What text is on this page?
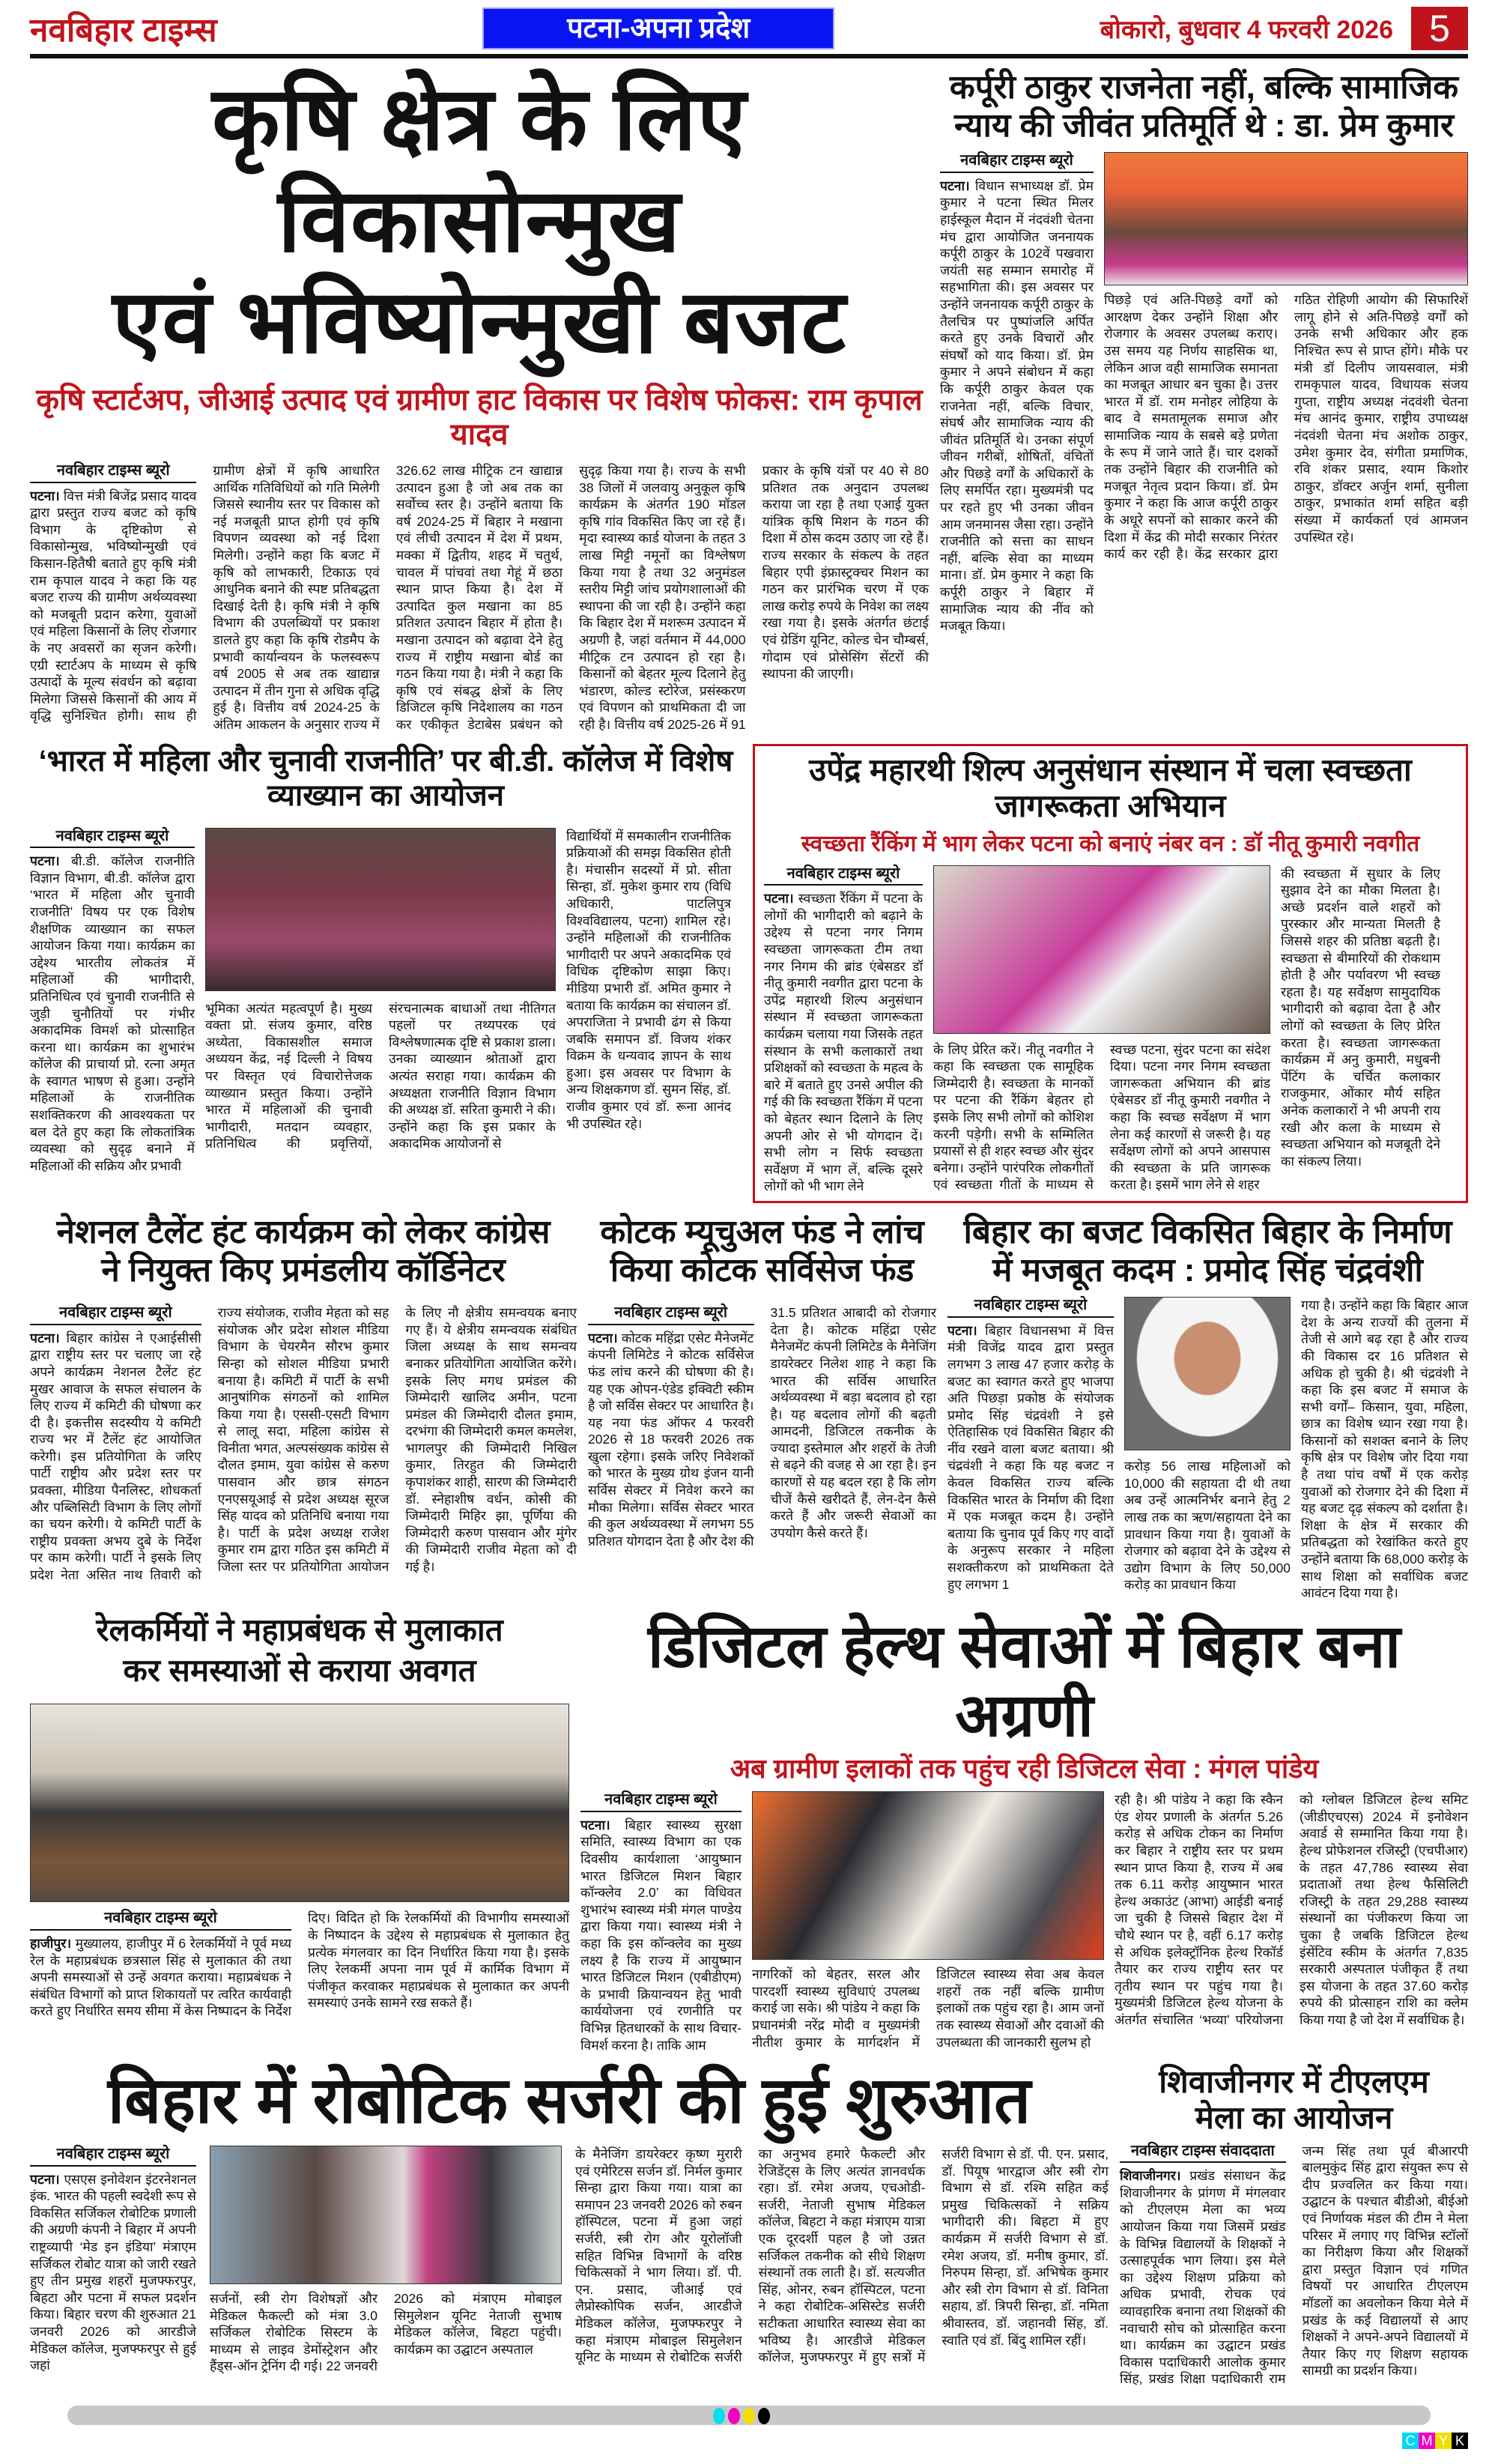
नवबिहार टाइम्स	पटना-अपना प्रदेश	बोकारो, बुधवार 4 फरवरी 2026 5
कृषि क्षेत्र के लिए विकासोन्मुख
एवं भविष्योन्मुखी बजट
कृषि स्टार्टअप, जीआई उत्पाद एवं ग्रामीण हाट विकास पर विशेष फोकस: राम कृपाल यादव
नवबिहार टाइम्स ब्यूरो
पटना। वित्त मंत्री बिजेंद्र प्रसाद यादव द्वारा प्रस्तुत राज्य बजट को कृषि विभाग के दृष्टिकोण से विकासोन्मुख, भविष्योन्मुखी एवं किसान-हितैषी बताते हुए कृषि मंत्री राम कृपाल यादव ने कहा कि यह बजट राज्य की ग्रामीण अर्थव्यवस्था को मजबूती प्रदान करेगा, युवाओं एवं महिला किसानों के लिए रोजगार के नए अवसरों का सृजन करेगी। एग्री स्टार्टअप के माध्यम से कृषि उत्पादों के मूल्य संवर्धन को बढ़ावा मिलेगा जिससे किसानों की आय में वृद्धि सुनिश्चित होगी। साथ ही ग्रामीण क्षेत्रों में कृषि आधारित आर्थिक गतिविधियों को गति मिलेगी जिससे स्थानीय स्तर पर विकास को नई मजबूती प्राप्त होगी एवं कृषि विपणन व्यवस्था को नई दिशा मिलेगी। उन्होंने कहा कि बजट में कृषि को लाभकारी, टिकाऊ एवं आधुनिक बनाने की स्पष्ट प्रतिबद्धता दिखाई देती है। कृषि मंत्री ने कृषि विभाग की उपलब्धियों पर प्रकाश डालते हुए कहा कि कृषि रोडमैप के प्रभावी कार्यान्वयन के फलस्वरूप वर्ष 2005 से अब तक खाद्यान्न उत्पादन में तीन गुना से अधिक वृद्धि हुई है। वित्तीय वर्ष 2024-25 के अंतिम आकलन के अनुसार राज्य में 326.62 लाख मीट्रिक टन खाद्यान्न उत्पादन हुआ है जो अब तक का सर्वोच्च स्तर है। उन्होंने बताया कि वर्ष 2024-25 में बिहार ने मखाना एवं लीची उत्पादन में देश में प्रथम, मक्का में द्वितीय, शहद में चतुर्थ, चावल में पांचवां तथा गेहूं में छठा स्थान प्राप्त किया है। देश में उत्पादित कुल मखाना का 85 प्रतिशत उत्पादन बिहार में होता है। मखाना उत्पादन को बढ़ावा देने हेतु राज्य में राष्ट्रीय मखाना बोर्ड का गठन किया गया है। मंत्री ने कहा कि कृषि एवं संबद्ध क्षेत्रों के लिए डिजिटल कृषि निदेशालय का गठन कर एकीकृत डेटाबेस प्रबंधन को सुदृढ़ किया गया है। राज्य के सभी 38 जिलों में जलवायु अनुकूल कृषि कार्यक्रम के अंतर्गत 190 मॉडल कृषि गांव विकसित किए जा रहे हैं। मृदा स्वास्थ्य कार्ड योजना के तहत 3 लाख मिट्टी नमूनों का विश्लेषण किया गया है तथा 32 अनुमंडल स्तरीय मिट्टी जांच प्रयोगशालाओं की स्थापना की जा रही है। उन्होंने कहा कि बिहार देश में मशरूम उत्पादन में अग्रणी है, जहां वर्तमान में 44,000 मीट्रिक टन उत्पादन हो रहा है। किसानों को बेहतर मूल्य दिलाने हेतु भंडारण, कोल्ड स्टोरेज, प्रसंस्करण एवं विपणन को प्राथमिकता दी जा रही है। वित्तीय वर्ष 2025-26 में 91 प्रकार के कृषि यंत्रों पर 40 से 80 प्रतिशत तक अनुदान उपलब्ध कराया जा रहा है तथा एआई युक्त यांत्रिक कृषि मिशन के गठन की दिशा में ठोस कदम उठाए जा रहे हैं। राज्य सरकार के संकल्प के तहत बिहार एपी इंफ्रास्ट्रक्चर मिशन का गठन कर प्रारंभिक चरण में एक लाख करोड़ रुपये के निवेश का लक्ष्य रखा गया है। इसके अंतर्गत छंटाई एवं ग्रेडिंग यूनिट, कोल्ड चेन चौम्बर्स, गोदाम एवं प्रोसेसिंग सेंटरों की स्थापना की जाएगी।
कर्पूरी ठाकुर राजनेता नहीं, बल्कि सामाजिक
न्याय की जीवंत प्रतिमूर्ति थे : डा. प्रेम कुमार
नवबिहार टाइम्स ब्यूरो
पटना। विधान सभाध्यक्ष डॉ. प्रेम कुमार ने पटना स्थित मिलर हाईस्कूल मैदान में नंदवंशी चेतना मंच द्वारा आयोजित जननायक कर्पूरी ठाकुर के 102वें पखवारा जयंती सह सम्मान समारोह में सहभागिता की। इस अवसर पर उन्होंने जननायक कर्पूरी ठाकुर के तैलचित्र पर पुष्पांजलि अर्पित करते हुए उनके विचारों और संघर्षों को याद किया। डॉ. प्रेम कुमार ने अपने संबोधन में कहा कि कर्पूरी ठाकुर केवल एक राजनेता नहीं, बल्कि विचार, संघर्ष और सामाजिक न्याय की जीवंत प्रतिमूर्ति थे। उनका संपूर्ण जीवन गरीबों, शोषितों, वंचितों और पिछड़े वर्गों के अधिकारों के लिए समर्पित रहा। मुख्यमंत्री पद पर रहते हुए भी उनका जीवन आम जनमानस जैसा रहा। उन्होंने राजनीति को सत्ता का साधन नहीं, बल्कि सेवा का माध्यम माना। डॉ. प्रेम कुमार ने कहा कि कर्पूरी ठाकुर ने बिहार में सामाजिक न्याय की नींव को मजबूत किया।
पिछड़े एवं अति-पिछड़े वर्गों को आरक्षण देकर उन्होंने शिक्षा और रोजगार के अवसर उपलब्ध कराए। उस समय यह निर्णय साहसिक था, लेकिन आज वही सामाजिक समानता का मजबूत आधार बन चुका है। उत्तर भारत में डॉ. राम मनोहर लोहिया के बाद वे समतामूलक समाज और सामाजिक न्याय के सबसे बड़े प्रणेता के रूप में जाने जाते हैं। चार दशकों तक उन्होंने बिहार की राजनीति को मजबूत नेतृत्व प्रदान किया। डॉ. प्रेम कुमार ने कहा कि आज कर्पूरी ठाकुर के अधूरे सपनों को साकार करने की दिशा में केंद्र की मोदी सरकार निरंतर कार्य कर रही है। केंद्र सरकार द्वारा गठित रोहिणी आयोग की सिफारिशें लागू होने से अति-पिछड़े वर्गों को उनके सभी अधिकार और हक निश्चित रूप से प्राप्त होंगे। मौके पर मंत्री डॉ दिलीप जायसवाल, मंत्री रामकृपाल यादव, विधायक संजय गुप्ता, राष्ट्रीय अध्यक्ष नंदवंशी चेतना मंच आनंद कुमार, राष्ट्रीय उपाध्यक्ष नंदवंशी चेतना मंच अशोक ठाकुर, उमेश कुमार देव, संगीता प्रमाणिक, रवि शंकर प्रसाद, श्याम किशोर ठाकुर, डॉक्टर अर्जुन शर्मा, सुनीला ठाकुर, प्रभाकांत शर्मा सहित बड़ी संख्या में कार्यकर्ता एवं आमजन उपस्थित रहे।
‘भारत में महिला और चुनावी राजनीति’ पर बी.डी. कॉलेज में विशेष व्याख्यान का आयोजन
नवबिहार टाइम्स ब्यूरो
पटना। बी.डी. कॉलेज राजनीति विज्ञान विभाग, बी.डी. कॉलेज द्वारा ‘भारत में महिला और चुनावी राजनीति’ विषय पर एक विशेष शैक्षणिक व्याख्यान का सफल आयोजन किया गया। कार्यक्रम का उद्देश्य भारतीय लोकतंत्र में महिलाओं की भागीदारी, प्रतिनिधित्व एवं चुनावी राजनीति से जुड़ी चुनौतियों पर गंभीर अकादमिक विमर्श को प्रोत्साहित करना था। कार्यक्रम का शुभारंभ कॉलेज की प्राचार्या प्रो. रत्ना अमृत के स्वागत भाषण से हुआ। उन्होंने महिलाओं के राजनीतिक सशक्तिकरण की आवश्यकता पर बल देते हुए कहा कि लोकतांत्रिक व्यवस्था को सुदृढ़ बनाने में महिलाओं की सक्रिय और प्रभावी
भूमिका अत्यंत महत्वपूर्ण है। मुख्य वक्ता प्रो. संजय कुमार, वरिष्ठ अध्येता, विकासशील समाज अध्ययन केंद्र, नई दिल्ली ने विषय पर विस्तृत एवं विचारोत्तेजक व्याख्यान प्रस्तुत किया। उन्होंने भारत में महिलाओं की चुनावी भागीदारी, मतदान व्यवहार, प्रतिनिधित्व की प्रवृत्तियों, संरचनात्मक बाधाओं तथा नीतिगत पहलों पर तथ्यपरक एवं विश्लेषणात्मक दृष्टि से प्रकाश डाला। उनका व्याख्यान श्रोताओं द्वारा अत्यंत सराहा गया। कार्यक्रम की अध्यक्षता राजनीति विज्ञान विभाग की अध्यक्ष डॉ. सरिता कुमारी ने की। उन्होंने कहा कि इस प्रकार के अकादमिक आयोजनों से
विद्यार्थियों में समकालीन राजनीतिक प्रक्रियाओं की समझ विकसित होती है। मंचासीन सदस्यों में प्रो. सीता सिन्हा, डॉ. मुकेश कुमार राय (विधि अधिकारी, पाटलिपुत्र विश्वविद्यालय, पटना) शामिल रहे। उन्होंने महिलाओं की राजनीतिक भागीदारी पर अपने अकादमिक एवं विधिक दृष्टिकोण साझा किए। मीडिया प्रभारी डॉ. अमित कुमार ने बताया कि कार्यक्रम का संचालन डॉ. अपराजिता ने प्रभावी ढंग से किया जबकि समापन डॉ. विजय शंकर विक्रम के धन्यवाद ज्ञापन के साथ हुआ। इस अवसर पर विभाग के अन्य शिक्षकगण डॉ. सुमन सिंह, डॉ. राजीव कुमार एवं डॉ. रूना आनंद भी उपस्थित रहे।
उपेंद्र महारथी शिल्प अनुसंधान संस्थान में चला स्वच्छता जागरूकता अभियान
स्वच्छता रैंकिंग में भाग लेकर पटना को बनाएं नंबर वन : डॉ नीतू कुमारी नवगीत
नवबिहार टाइम्स ब्यूरो
पटना। स्वच्छता रैंकिंग में पटना के लोगों की भागीदारी को बढ़ाने के उद्देश्य से पटना नगर निगम स्वच्छता जागरूकता टीम तथा नगर निगम की ब्रांड एंबेसडर डॉ नीतू कुमारी नवगीत द्वारा पटना के उपेंद्र महारथी शिल्प अनुसंधान संस्थान में स्वच्छता जागरूकता कार्यक्रम चलाया गया जिसके तहत संस्थान के सभी कलाकारों तथा प्रशिक्षकों को स्वच्छता के महत्व के बारे में बताते हुए उनसे अपील की गई की कि स्वच्छता रैंकिंग में पटना को बेहतर स्थान दिलाने के लिए अपनी ओर से भी योगदान दें। सभी लोग न सिर्फ स्वच्छता सर्वेक्षण में भाग लें, बल्कि दूसरे लोगों को भी भाग लेने
के लिए प्रेरित करें। नीतू नवगीत ने कहा कि स्वच्छता एक सामूहिक जिम्मेदारी है। स्वच्छता के मानकों पर पटना की रैंकिंग बेहतर हो इसके लिए सभी लोगों को कोशिश करनी पड़ेगी। सभी के सम्मिलित प्रयासों से ही शहर स्वच्छ और सुंदर बनेगा। उन्होंने पारंपरिक लोकगीतों एवं स्वच्छता गीतों के माध्यम से स्वच्छ पटना, सुंदर पटना का संदेश दिया। पटना नगर निगम स्वच्छता जागरूकता अभियान की ब्रांड एंबेसडर डॉ नीतू कुमारी नवगीत ने कहा कि स्वच्छ सर्वेक्षण में भाग लेना कई कारणों से जरूरी है। यह सर्वेक्षण लोगों को अपने आसपास की स्वच्छता के प्रति जागरूक करता है। इसमें भाग लेने से शहर
की स्वच्छता में सुधार के लिए सुझाव देने का मौका मिलता है। अच्छे प्रदर्शन वाले शहरों को पुरस्कार और मान्यता मिलती है जिससे शहर की प्रतिष्ठा बढ़ती है। स्वच्छता से बीमारियों की रोकथाम होती है और पर्यावरण भी स्वच्छ रहता है। यह सर्वेक्षण सामुदायिक भागीदारी को बढ़ावा देता है और लोगों को स्वच्छता के लिए प्रेरित करता है। स्वच्छता जागरूकता कार्यक्रम में अनु कुमारी, मधुबनी पेंटिंग के चर्चित कलाकार राजकुमार, ओंकार मौर्य सहित अनेक कलाकारों ने भी अपनी राय रखी और कला के माध्यम से स्वच्छता अभियान को मजबूती देने का संकल्प लिया।
नेशनल टैलेंट हंट कार्यक्रम को लेकर कांग्रेस
ने नियुक्त किए प्रमंडलीय कॉर्डिनेटर
नवबिहार टाइम्स ब्यूरो
पटना। बिहार कांग्रेस ने एआईसीसी द्वारा राष्ट्रीय स्तर पर चलाए जा रहे अपने कार्यक्रम नेशनल टैलेंट हंट मुखर आवाज के सफल संचालन के लिए राज्य में कमिटी की घोषणा कर दी है। इकत्तीस सदस्यीय ये कमिटी राज्य भर में टैलेंट हंट आयोजित करेगी। इस प्रतियोगिता के जरिए पार्टी राष्ट्रीय और प्रदेश स्तर पर प्रवक्ता, मीडिया पैनलिस्ट, शोधकर्ता और पब्लिसिटी विभाग के लिए लोगों का चयन करेगी। ये कमिटी पार्टी के राष्ट्रीय प्रवक्ता अभय दुबे के निर्देश पर काम करेगी। पार्टी ने इसके लिए प्रदेश नेता असित नाथ तिवारी को राज्य संयोजक, राजीव मेहता को सह संयोजक और प्रदेश सोशल मीडिया विभाग के चेयरमैन सौरभ कुमार सिन्हा को सोशल मीडिया प्रभारी बनाया है। कमिटी में पार्टी के सभी आनुषांगिक संगठनों को शामिल किया गया है। एससी-एसटी विभाग से लालू सदा, महिला कांग्रेस से विनीता भगत, अल्पसंख्यक कांग्रेस से दौलत इमाम, युवा कांग्रेस से करुण पासवान और छात्र संगठन एनएसयूआई से प्रदेश अध्यक्ष सूरज सिंह यादव को प्रतिनिधि बनाया गया है। पार्टी के प्रदेश अध्यक्ष राजेश कुमार राम द्वारा गठित इस कमिटी में जिला स्तर पर प्रतियोगिता आयोजन के लिए नौ क्षेत्रीय समन्वयक बनाए गए हैं। ये क्षेत्रीय समन्वयक संबंधित जिला अध्यक्ष के साथ समन्वय बनाकर प्रतियोगिता आयोजित करेंगे। इसके लिए मगध प्रमंडल की जिम्मेदारी खालिद अमीन, पटना प्रमंडल की जिम्मेदारी दौलत इमाम, दरभंगा की जिम्मेदारी कमल कमलेश, भागलपुर की जिम्मेदारी निखिल कुमार, तिरहुत की जिम्मेदारी कृपाशंकर शाही, सारण की जिम्मेदारी डॉ. स्नेहाशीष वर्धन, कोसी की जिम्मेदारी मिहिर झा, पूर्णिया की जिम्मेदारी करुण पासवान और मुंगेर की जिम्मेदारी राजीव मेहता को दी गई है।
कोटक म्यूचुअल फंड ने लांच
किया कोटक सर्विसेज फंड
नवबिहार टाइम्स ब्यूरो
पटना। कोटक महिंद्रा एसेट मैनेजमेंट कंपनी लिमिटेड ने कोटक सर्विसेज फंड लांच करने की घोषणा की है। यह एक ओपन-एंडेड इक्विटी स्कीम है जो सर्विस सेक्टर पर आधारित है। यह नया फंड ऑफर 4 फरवरी 2026 से 18 फरवरी 2026 तक खुला रहेगा। इसके जरिए निवेशकों को भारत के मुख्य ग्रोथ इंजन यानी सर्विस सेक्टर में निवेश करने का मौका मिलेगा। सर्विस सेक्टर भारत की कुल अर्थव्यवस्था में लगभग 55 प्रतिशत योगदान देता है और देश की 31.5 प्रतिशत आबादी को रोजगार देता है। कोटक महिंद्रा एसेट मैनेजमेंट कंपनी लिमिटेड के मैनेजिंग डायरेक्टर निलेश शाह ने कहा कि भारत की सर्विस आधारित अर्थव्यवस्था में बड़ा बदलाव हो रहा है। यह बदलाव लोगों की बढ़ती आमदनी, डिजिटल तकनीक के ज्यादा इस्तेमाल और शहरों के तेजी से बढ़ने की वजह से आ रहा है। इन कारणों से यह बदल रहा है कि लोग चीजें कैसे खरीदते हैं, लेन-देन कैसे करते हैं और जरूरी सेवाओं का उपयोग कैसे करते हैं।
बिहार का बजट विकसित बिहार के निर्माण
में मजबूत कदम : प्रमोद सिंह चंद्रवंशी
नवबिहार टाइम्स ब्यूरो
पटना। बिहार विधानसभा में वित्त मंत्री विजेंद्र यादव द्वारा प्रस्तुत लगभग 3 लाख 47 हजार करोड़ के बजट का स्वागत करते हुए भाजपा अति पिछड़ा प्रकोष्ठ के संयोजक प्रमोद सिंह चंद्रवंशी ने इसे ऐतिहासिक एवं विकसित बिहार की नींव रखने वाला बजट बताया। श्री चंद्रवंशी ने कहा कि यह बजट न केवल विकसित राज्य बल्कि विकसित भारत के निर्माण की दिशा में एक मजबूत कदम है। उन्होंने बताया कि चुनाव पूर्व किए गए वादों के अनुरूप सरकार ने महिला सशक्तीकरण को प्राथमिकता देते हुए लगभग 1
करोड़ 56 लाख महिलाओं को 10,000 की सहायता दी थी तथा अब उन्हें आत्मनिर्भर बनाने हेतु 2 लाख तक का ऋण/सहायता देने का प्रावधान किया गया है। युवाओं के रोजगार को बढ़ावा देने के उद्देश्य से उद्योग विभाग के लिए 50,000 करोड़ का प्रावधान किया
गया है। उन्होंने कहा कि बिहार आज देश के अन्य राज्यों की तुलना में तेजी से आगे बढ़ रहा है और राज्य की विकास दर 16 प्रतिशत से अधिक हो चुकी है। श्री चंद्रवंशी ने कहा कि इस बजट में समाज के सभी वर्गों– किसान, युवा, महिला, छात्र का विशेष ध्यान रखा गया है। किसानों को सशक्त बनाने के लिए कृषि क्षेत्र पर विशेष जोर दिया गया है तथा पांच वर्षों में एक करोड़ युवाओं को रोजगार देने की दिशा में यह बजट दृढ़ संकल्प को दर्शाता है। शिक्षा के क्षेत्र में सरकार की प्रतिबद्धता को रेखांकित करते हुए उन्होंने बताया कि 68,000 करोड़ के साथ शिक्षा को सर्वाधिक बजट आवंटन दिया गया है।
रेलकर्मियों ने महाप्रबंधक से मुलाकात
कर समस्याओं से कराया अवगत
नवबिहार टाइम्स ब्यूरो
हाजीपुर। मुख्यालय, हाजीपुर में 6 रेलकर्मियों ने पूर्व मध्य रेल के महाप्रबंधक छत्रसाल सिंह से मुलाकात की तथा अपनी समस्याओं से उन्हें अवगत कराया। महाप्रबंधक ने संबंधित विभागों को प्राप्त शिकायतों पर त्वरित कार्यवाही करते हुए निर्धारित समय सीमा में केस निष्पादन के निर्देश दिए। विदित हो कि रेलकर्मियों की विभागीय समस्याओं के निष्पादन के उद्देश्य से महाप्रबंधक से मुलाकात हेतु प्रत्येक मंगलवार का दिन निर्धारित किया गया है। इसके लिए रेलकर्मी अपना नाम पूर्व में कार्मिक विभाग में पंजीकृत करवाकर महाप्रबंधक से मुलाकात कर अपनी समस्याएं उनके सामने रख सकते हैं।
डिजिटल हेल्थ सेवाओं में बिहार बना अग्रणी
अब ग्रामीण इलाकों तक पहुंच रही डिजिटल सेवा : मंगल पांडेय
नवबिहार टाइम्स ब्यूरो
पटना। बिहार स्वास्थ्य सुरक्षा समिति, स्वास्थ्य विभाग का एक दिवसीय कार्यशाला ‘आयुष्मान भारत डिजिटल मिशन बिहार कॉन्क्लेव 2.0’ का विधिवत शुभारंभ स्वास्थ्य मंत्री मंगल पाण्डेय द्वारा किया गया। स्वास्थ्य मंत्री ने कहा कि इस कॉन्क्लेव का मुख्य लक्ष्य है कि राज्य में आयुष्मान भारत डिजिटल मिशन (एबीडीएम) के प्रभावी क्रियान्वयन हेतु भावी कार्ययोजना एवं रणनीति पर विभिन्न हितधारकों के साथ विचार-विमर्श करना है। ताकि आम
नागरिकों को बेहतर, सरल और पारदर्शी स्वास्थ्य सुविधाएं उपलब्ध कराई जा सके। श्री पांडेय ने कहा कि प्रधानमंत्री नरेंद्र मोदी व मुख्यमंत्री नीतीश कुमार के मार्गदर्शन में डिजिटल स्वास्थ्य सेवा अब केवल शहरों तक नहीं बल्कि ग्रामीण इलाकों तक पहुंच रहा है। आम जनों तक स्वास्थ्य सेवाओं और दवाओं की उपलब्धता की जानकारी सुलभ हो
रही है। श्री पांडेय ने कहा कि स्कैन एंड शेयर प्रणाली के अंतर्गत 5.26 करोड़ से अधिक टोकन का निर्माण कर बिहार ने राष्ट्रीय स्तर पर प्रथम स्थान प्राप्त किया है, राज्य में अब तक 6.11 करोड़ आयुष्मान भारत हेल्थ अकाउंट (आभा) आईडी बनाई जा चुकी है जिससे बिहार देश में चौथे स्थान पर है, वहीं 6.17 करोड़ से अधिक इलेक्ट्रॉनिक हेल्थ रिकॉर्ड तैयार कर राज्य राष्ट्रीय स्तर पर तृतीय स्थान पर पहुंच गया है। मुख्यमंत्री डिजिटल हेल्थ योजना के अंतर्गत संचालित ‘भव्या’ परियोजना को ग्लोबल डिजिटल हेल्थ समिट (जीडीएचएस) 2024 में इनोवेशन अवार्ड से सम्मानित किया गया है। हेल्थ प्रोफेशनल रजिस्ट्री (एचपीआर) के तहत 47,786 स्वास्थ्य सेवा प्रदाताओं तथा हेल्थ फैसिलिटी रजिस्ट्री के तहत 29,288 स्वास्थ्य संस्थानों का पंजीकरण किया जा चुका है जबकि डिजिटल हेल्थ इंसेंटिव स्कीम के अंतर्गत 7,835 सरकारी अस्पताल पंजीकृत हैं तथा इस योजना के तहत 37.60 करोड़ रुपये की प्रोत्साहन राशि का क्लेम किया गया है जो देश में सर्वाधिक है।
बिहार में रोबोटिक सर्जरी की हुई शुरुआत
नवबिहार टाइम्स ब्यूरो
पटना। एसएस इनोवेशन इंटरनेशनल इंक. भारत की पहली स्वदेशी रूप से विकसित सर्जिकल रोबोटिक प्रणाली की अग्रणी कंपनी ने बिहार में अपनी राष्ट्रव्यापी ‘मेड इन इंडिया’ मंत्राएम सर्जिकल रोबोट यात्रा को जारी रखते हुए तीन प्रमुख शहरों मुजफ्फरपुर, बिहटा और पटना में सफल प्रदर्शन किया। बिहार चरण की शुरुआत 21 जनवरी 2026 को आरडीजे मेडिकल कॉलेज, मुजफ्फरपुर से हुई जहां
सर्जनों, स्त्री रोग विशेषज्ञों और मेडिकल फैकल्टी को मंत्रा 3.0 सर्जिकल रोबोटिक सिस्टम के माध्यम से लाइव डेमोंस्ट्रेशन और हैंड्स-ऑन ट्रेनिंग दी गई। 22 जनवरी 2026 को मंत्राएम मोबाइल सिमुलेशन यूनिट नेताजी सुभाष मेडिकल कॉलेज, बिहटा पहुंची। कार्यक्रम का उद्घाटन अस्पताल
के मैनेजिंग डायरेक्टर कृष्ण मुरारी एवं एमेरिटस सर्जन डॉ. निर्मल कुमार सिन्हा द्वारा किया गया। यात्रा का समापन 23 जनवरी 2026 को रुबन हॉस्पिटल, पटना में हुआ जहां सर्जरी, स्त्री रोग और यूरोलॉजी सहित विभिन्न विभागों के वरिष्ठ चिकित्सकों ने भाग लिया। डॉ. पी. एन. प्रसाद, जीआई एवं लैप्रोस्कोपिक सर्जन, आरडीजे मेडिकल कॉलेज, मुजफ्फरपुर ने कहा मंत्राएम मोबाइल सिमुलेशन यूनिट के माध्यम से रोबोटिक सर्जरी का अनुभव हमारे फैकल्टी और रेजिडेंट्स के लिए अत्यंत ज्ञानवर्धक रहा। डॉ. रमेश अजय, एचओडी-सर्जरी, नेताजी सुभाष मेडिकल कॉलेज, बिहटा ने कहा मंत्राएम यात्रा एक दूरदर्शी पहल है जो उन्नत सर्जिकल तकनीक को सीधे शिक्षण संस्थानों तक लाती है। डॉ. सत्यजीत सिंह, ओनर, रुबन हॉस्पिटल, पटना ने कहा रोबोटिक-असिस्टेड सर्जरी सटीकता आधारित स्वास्थ्य सेवा का भविष्य है। आरडीजे मेडिकल कॉलेज, मुजफ्फरपुर में हुए सत्रों में सर्जरी विभाग से डॉ. पी. एन. प्रसाद, डॉ. पियूष भारद्वाज और स्त्री रोग विभाग से डॉ. रश्मि सहित कई प्रमुख चिकित्सकों ने सक्रिय भागीदारी की। बिहटा में हुए कार्यक्रम में सर्जरी विभाग से डॉ. रमेश अजय, डॉ. मनीष कुमार, डॉ. निरुपम सिन्हा, डॉ. अभिषेक कुमार और स्त्री रोग विभाग से डॉ. विनिता सहाय, डॉ. त्रिपरी सिन्हा, डॉ. नमिता श्रीवास्तव, डॉ. जहानवी सिंह, डॉ. स्वाति एवं डॉ. बिंदु शामिल रहीं।
शिवाजीनगर में टीएलएम
मेला का आयोजन
नवबिहार टाइम्स संवाददाता
शिवाजीनगर। प्रखंड संसाधन केंद्र शिवाजीनगर के प्रांगण में मंगलवार को टीएलएम मेला का भव्य आयोजन किया गया जिसमें प्रखंड के विभिन्न विद्यालयों के शिक्षकों ने उत्साहपूर्वक भाग लिया। इस मेले का उद्देश्य शिक्षण प्रक्रिया को अधिक प्रभावी, रोचक एवं व्यावहारिक बनाना तथा शिक्षकों की नवाचारी सोच को प्रोत्साहित करना था। कार्यक्रम का उद्घाटन प्रखंड विकास पदाधिकारी आलोक कुमार सिंह, प्रखंड शिक्षा पदाधिकारी राम जन्म सिंह तथा पूर्व बीआरपी बालमुकुंद सिंह द्वारा संयुक्त रूप से दीप प्रज्वलित कर किया गया। उद्घाटन के पश्चात बीडीओ, बीईओ एवं निर्णायक मंडल की टीम ने मेला परिसर में लगाए गए विभिन्न स्टॉलों का निरीक्षण किया और शिक्षकों द्वारा प्रस्तुत विज्ञान एवं गणित विषयों पर आधारित टीएलएम मॉडलों का अवलोकन किया मेले में प्रखंड के कई विद्यालयों से आए शिक्षकों ने अपने-अपने विद्यालयों में तैयार किए गए शिक्षण सहायक सामग्री का प्रदर्शन किया।
C M Y K
